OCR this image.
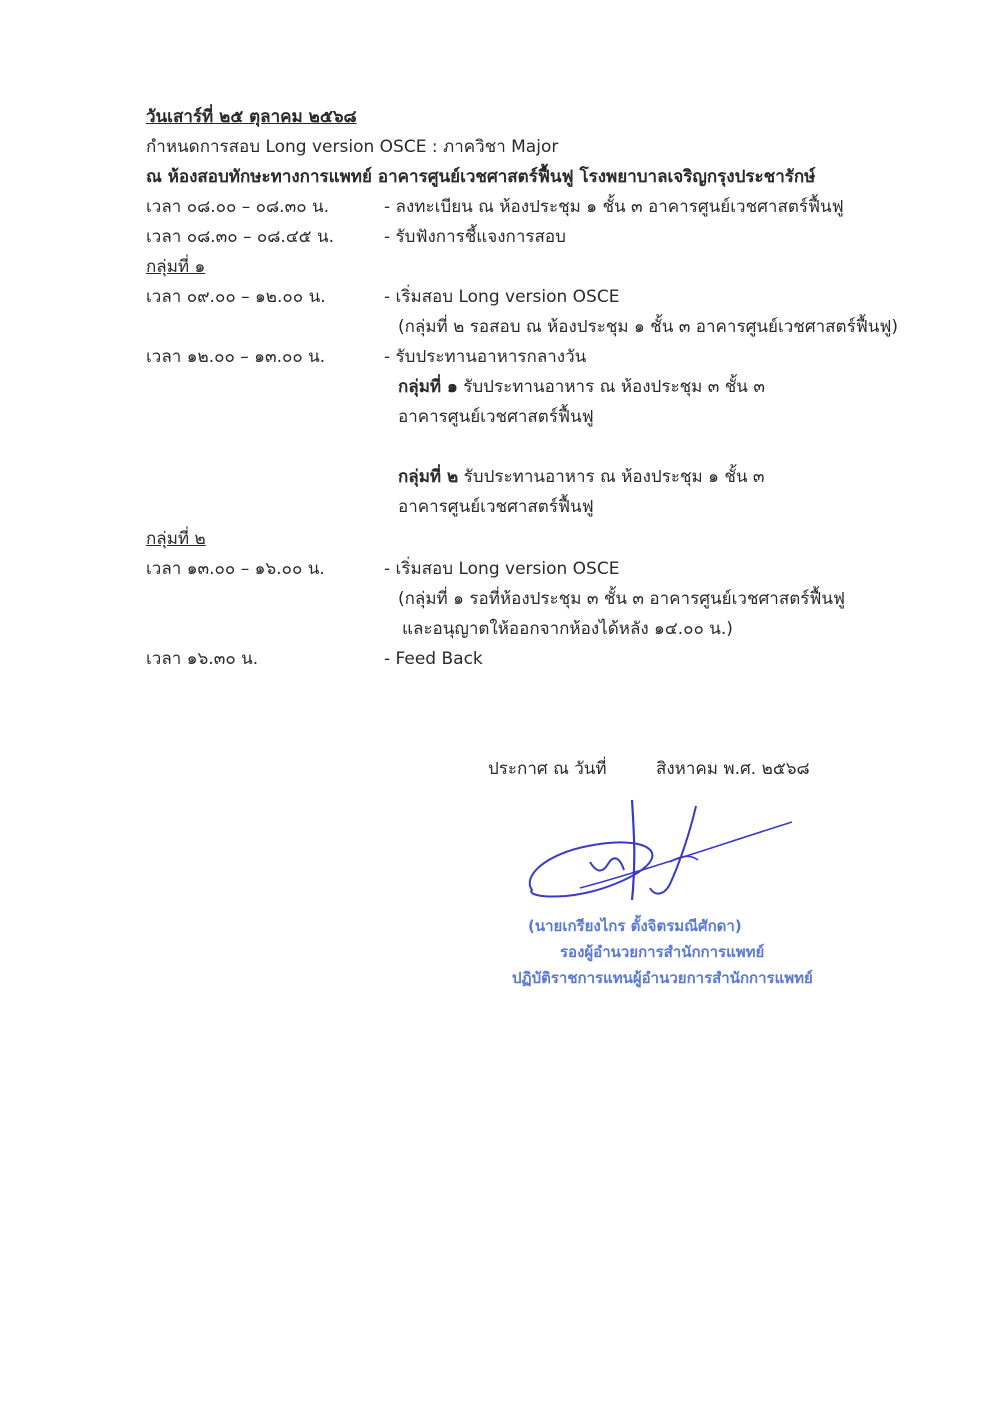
วันเสาร์ที่ ๒๕ ตุลาคม ๒๕๖๘
กำหนดการสอบ Long version OSCE : ภาควิชา Major
ณ ห้องสอบทักษะทางการแพทย์ อาคารศูนย์เวชศาสตร์ฟื้นฟู โรงพยาบาลเจริญกรุงประชารักษ์
เวลา ๐๘.๐๐ – ๐๘.๓๐ น.	- ลงทะเบียน ณ ห้องประชุม ๑ ชั้น ๓ อาคารศูนย์เวชศาสตร์ฟื้นฟู
เวลา ๐๘.๓๐ – ๐๘.๔๕ น.	- รับฟังการชี้แจงการสอบ
กลุ่มที่ ๑
เวลา ๐๙.๐๐ – ๑๒.๐๐ น.	- เริ่มสอบ Long version OSCE
(กลุ่มที่ ๒ รอสอบ ณ ห้องประชุม ๑ ชั้น ๓ อาคารศูนย์เวชศาสตร์ฟื้นฟู)
เวลา ๑๒.๐๐ – ๑๓.๐๐ น.	- รับประทานอาหารกลางวัน
กลุ่มที่ ๑ รับประทานอาหาร ณ ห้องประชุม ๓ ชั้น ๓
อาคารศูนย์เวชศาสตร์ฟื้นฟู
กลุ่มที่ ๒ รับประทานอาหาร ณ ห้องประชุม ๑ ชั้น ๓
อาคารศูนย์เวชศาสตร์ฟื้นฟู
กลุ่มที่ ๒
เวลา ๑๓.๐๐ – ๑๖.๐๐ น.	- เริ่มสอบ Long version OSCE
(กลุ่มที่ ๑ รอที่ห้องประชุม ๓ ชั้น ๓ อาคารศูนย์เวชศาสตร์ฟื้นฟู
และอนุญาตให้ออกจากห้องได้หลัง ๑๔.๐๐ น.)
เวลา ๑๖.๓๐ น.	- Feed Back
ประกาศ ณ วันที่	สิงหาคม พ.ศ. ๒๕๖๘
(นายเกรียงไกร ตั้งจิตรมณีศักดา)
รองผู้อำนวยการสำนักการแพทย์
ปฏิบัติราชการแทนผู้อำนวยการสำนักการแพทย์
